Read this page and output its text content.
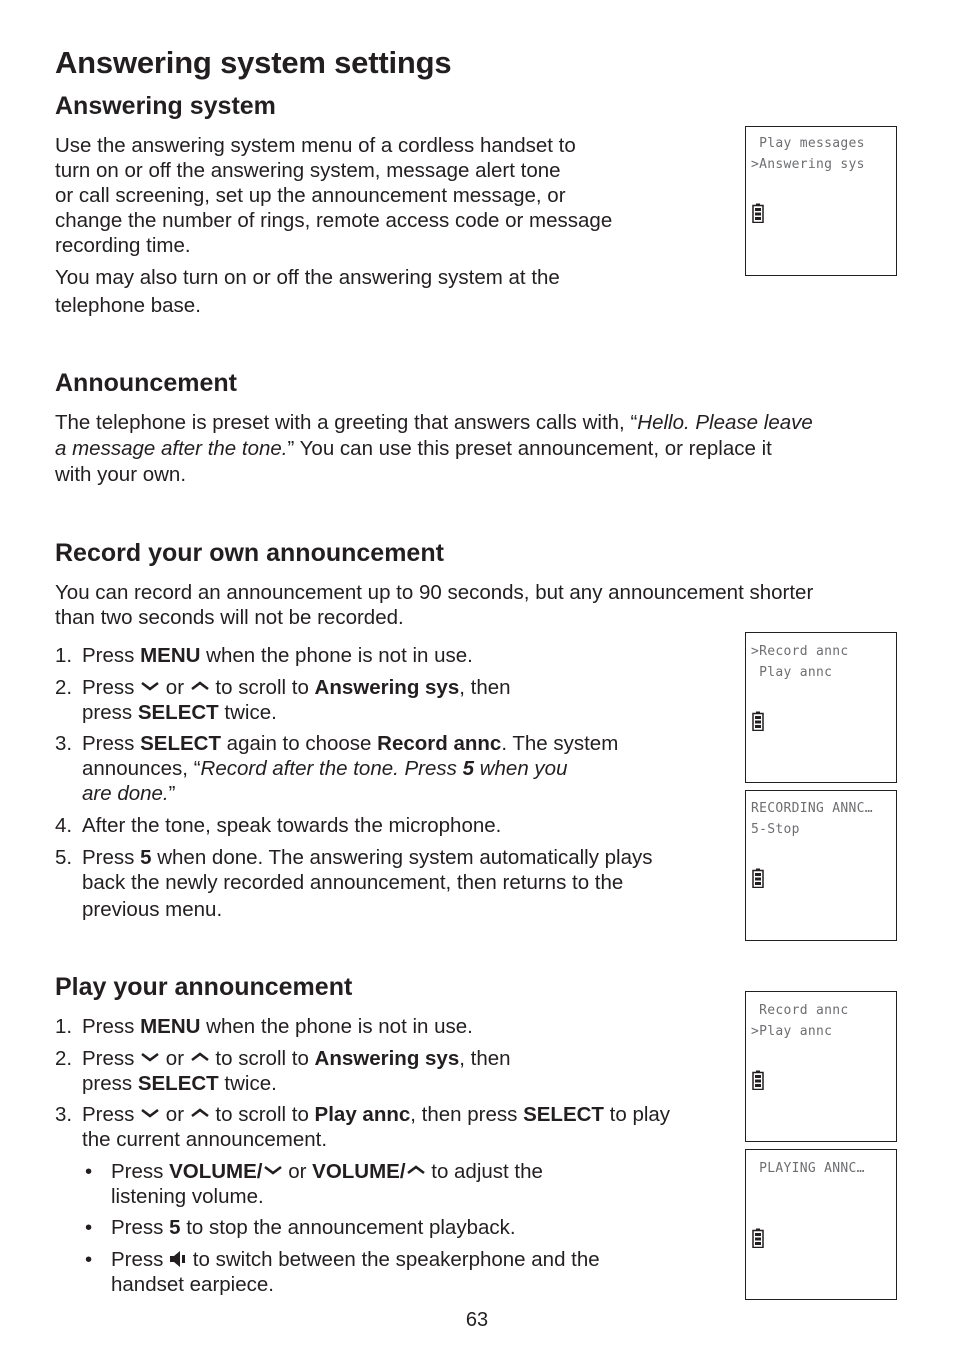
Answering system settings
Answering system
Use the answering system menu of a cordless handset to
turn on or off the answering system, message alert tone
or call screening, set up the announcement message, or
change the number of rings, remote access code or message
recording time.
You may also turn on or off the answering system at the
telephone base.
Announcement
The telephone is preset with a greeting that answers calls with, “Hello. Please leave
a message after the tone.” You can use this preset announcement, or replace it
with your own.
Record your own announcement
You can record an announcement up to 90 seconds, but any announcement shorter
than two seconds will not be recorded.
1. Press MENU when the phone is not in use.
2. Press  or  to scroll to Answering sys, then
press SELECT twice.
3. Press SELECT again to choose Record annc. The system
announces, “Record after the tone. Press 5 when you
are done.”
4. After the tone, speak towards the microphone.
5. Press 5 when done. The answering system automatically plays
back the newly recorded announcement, then returns to the
previous menu.
Play your announcement
1. Press MENU when the phone is not in use.
2. Press  or  to scroll to Answering sys, then
press SELECT twice.
3. Press  or  to scroll to Play annc, then press SELECT to play
the current announcement.
• Press VOLUME/ or VOLUME/ to adjust the
listening volume.
• Press 5 to stop the announcement playback.
• Press  to switch between the speakerphone and the
handset earpiece.
Play messages
>Answering sys
>Record annc
Play annc
RECORDING ANNC…
5-Stop
Record annc
>Play annc
PLAYING ANNC…
63
